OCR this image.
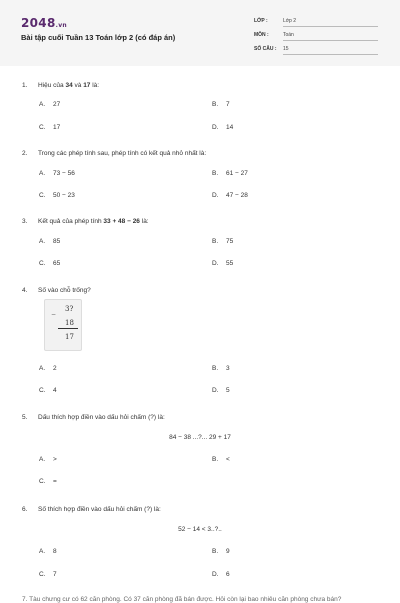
2048.vn
Bài tập cuối Tuần 13 Toán lớp 2 (có đáp án)
LỚP :	Lớp 2
MÔN :	Toán
SỐ CÂU : 15
1. Hiệu của 34 và 17 là:
A. 27	B. 7
C. 17	D. 14
2. Trong các phép tính sau, phép tính có kết quả nhỏ nhất là:
A. 73 − 56	B. 61 − 27
C. 50 − 23	D. 47 − 28
3. Kết quả của phép tính 33 + 48 − 26 là:
A. 85	B. 75
C. 65	D. 55
4. Số vào chỗ trống?
−
3?
18
17
A. 2	B. 3
C. 4	D. 5
5. Dấu thích hợp điền vào dấu hỏi chấm (?) là:
84 − 38 ...?... 29 + 17
A. >	B. <
C. =
6. Số thích hợp điền vào dấu hỏi chấm (?) là:
52 − 14 < 3..?..
A. 8	B. 9
C. 7	D. 6
7. Tàu chưng cư có 62 căn phòng. Có 37 căn phòng đã bán được. Hỏi còn lại bao nhiêu căn phòng chưa bán?
